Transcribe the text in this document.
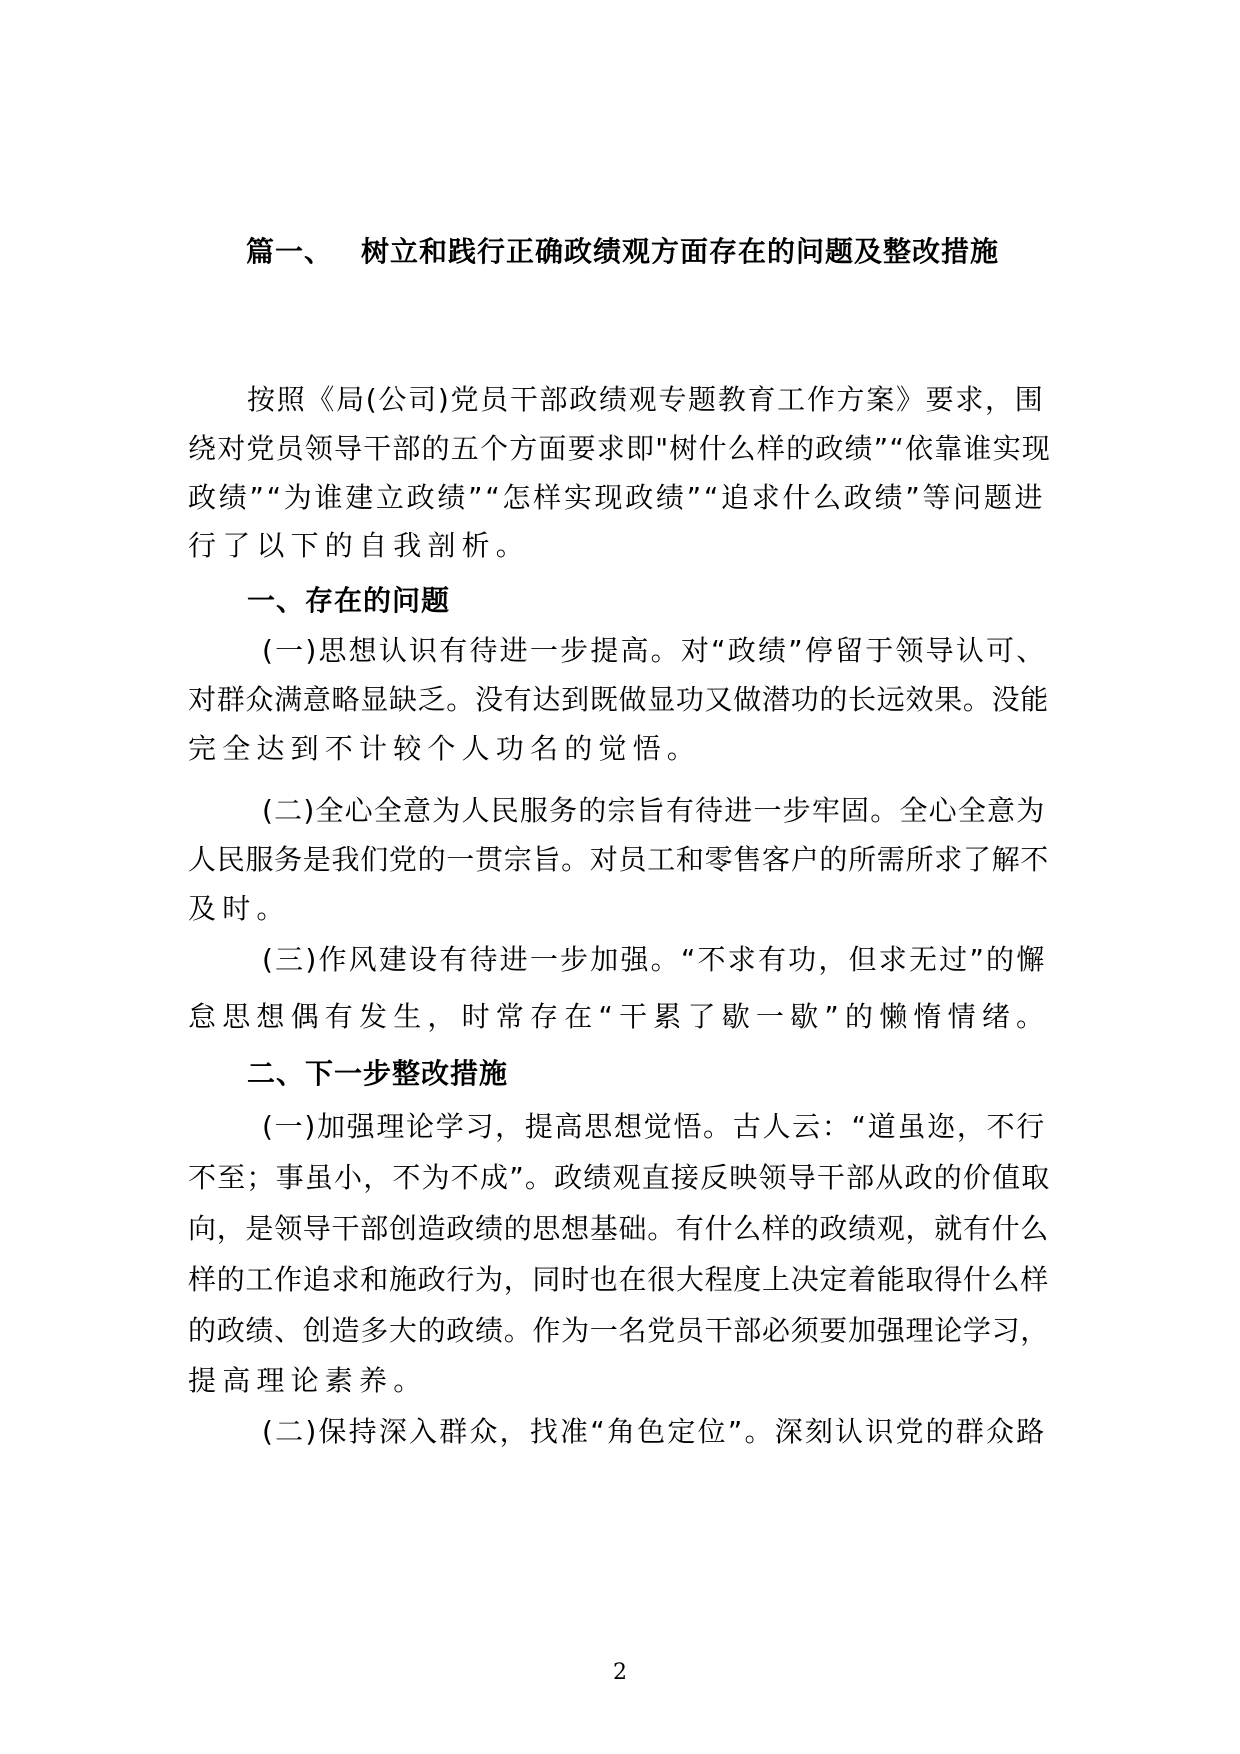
篇一、 树立和践行正确政绩观方面存在的问题及整改措施
按照《局(公司)党员干部政绩观专题教育工作方案》要求，围
绕对党员领导干部的五个方面要求即"树什么样的政绩”“依靠谁实现
政绩”“为谁建立政绩”“怎样实现政绩”“追求什么政绩”等问题进
行了以下的自我剖析。
一、存在的问题
(一)思想认识有待进一步提高。对“政绩”停留于领导认可、
对群众满意略显缺乏。没有达到既做显功又做潜功的长远效果。没能
完全达到不计较个人功名的觉悟。
(二)全心全意为人民服务的宗旨有待进一步牢固。全心全意为
人民服务是我们党的一贯宗旨。对员工和零售客户的所需所求了解不
及时。
(三)作风建设有待进一步加强。“不求有功，但求无过”的懈
怠思想偶有发生，时常存在“干累了歇一歇”的懒惰情绪。
二、下一步整改措施
(一)加强理论学习，提高思想觉悟。古人云：“道虽迩，不行
不至；事虽小，不为不成”。政绩观直接反映领导干部从政的价值取
向，是领导干部创造政绩的思想基础。有什么样的政绩观，就有什么
样的工作追求和施政行为，同时也在很大程度上决定着能取得什么样
的政绩、创造多大的政绩。作为一名党员干部必须要加强理论学习，
提高理论素养。
(二)保持深入群众，找准“角色定位”。深刻认识党的群众路
2
